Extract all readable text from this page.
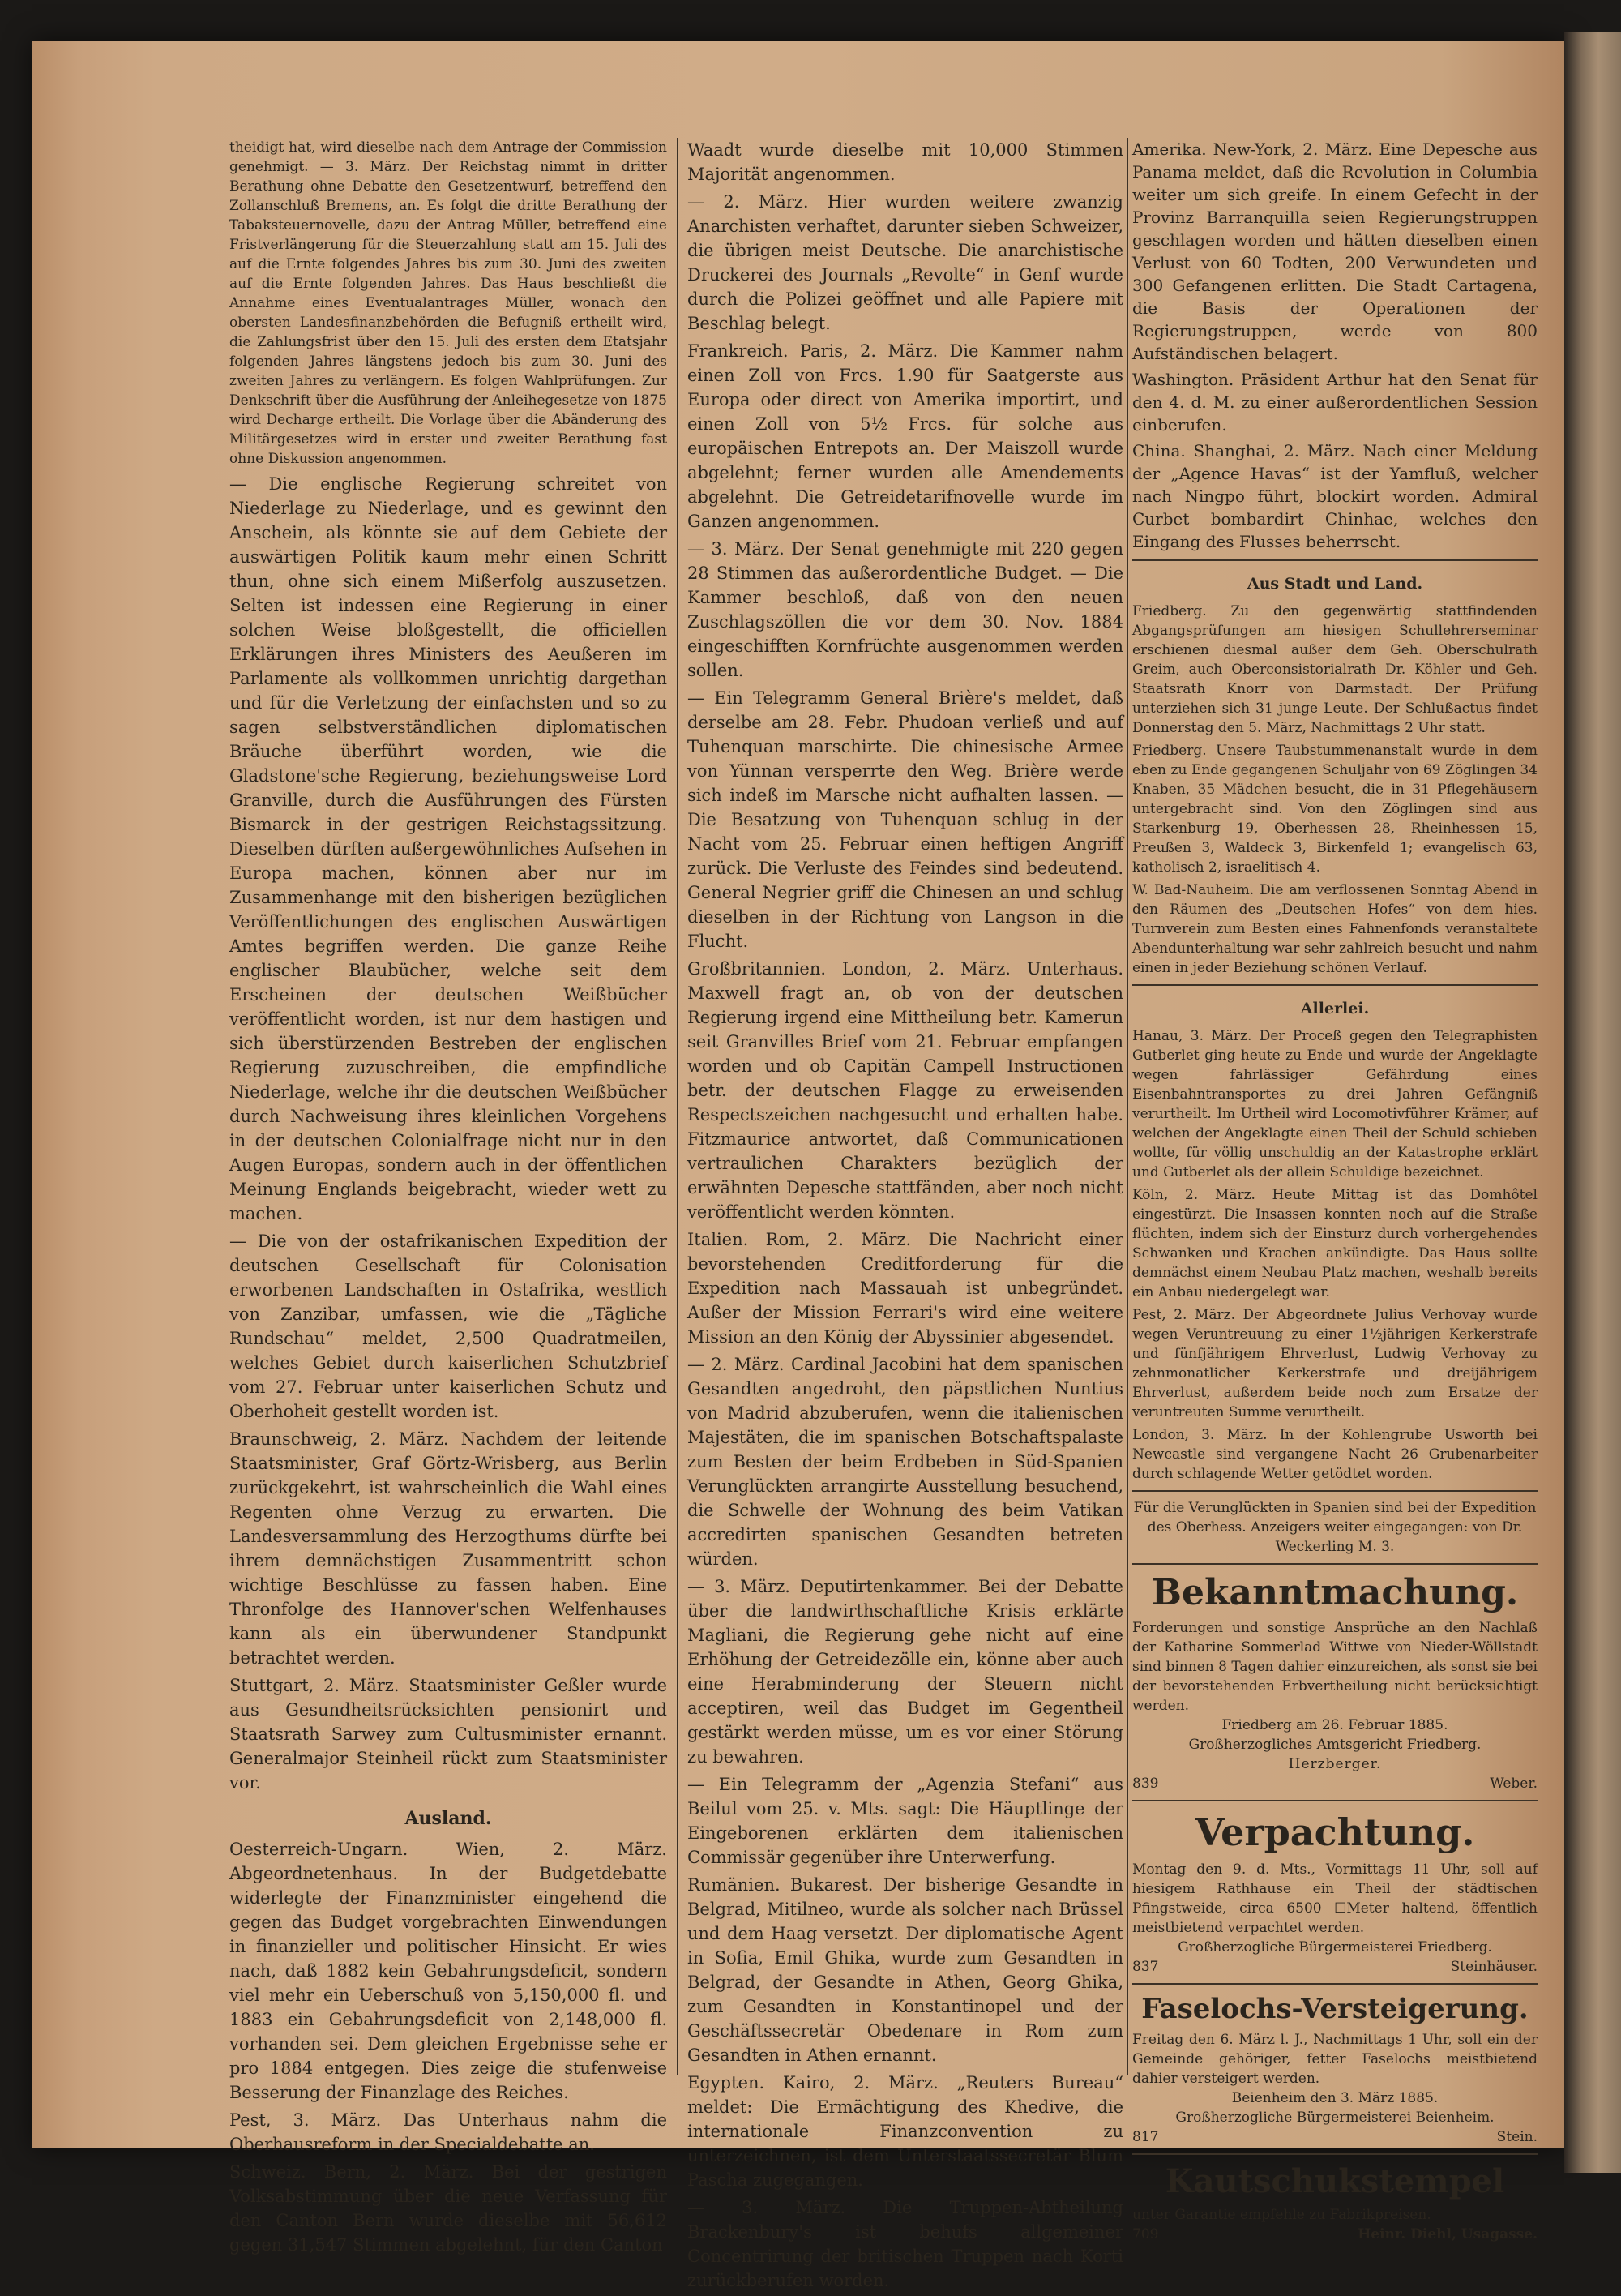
theidigt hat, wird dieselbe nach dem Antrage der Commission genehmigt. — 3. März. Der Reichstag nimmt in dritter Berathung ohne Debatte den Gesetzentwurf, betreffend den Zollanschluß Bremens, an. Es folgt die dritte Berathung der Tabaksteuernovelle, dazu der Antrag Müller, betreffend eine Fristverlängerung für die Steuerzahlung statt am 15. Juli des auf die Ernte folgendes Jahres bis zum 30. Juni des zweiten auf die Ernte folgenden Jahres. Das Haus beschließt die Annahme eines Eventualantrages Müller, wonach den obersten Landesfinanzbehörden die Befugniß ertheilt wird, die Zahlungsfrist über den 15. Juli des ersten dem Etatsjahr folgenden Jahres längstens jedoch bis zum 30. Juni des zweiten Jahres zu verlängern. Es folgen Wahlprüfungen. Zur Denkschrift über die Ausführung der Anleihegesetze von 1875 wird Decharge ertheilt. Die Vorlage über die Abänderung des Militärgesetzes wird in erster und zweiter Berathung fast ohne Diskussion angenommen.

— Die englische Regierung schreitet von Niederlage zu Niederlage, und es gewinnt den Anschein, als könnte sie auf dem Gebiete der auswärtigen Politik kaum mehr einen Schritt thun, ohne sich einem Mißerfolg auszusetzen. Selten ist indessen eine Regierung in einer solchen Weise bloßgestellt, die officiellen Erklärungen ihres Ministers des Aeußeren im Parlamente als vollkommen unrichtig dargethan und für die Verletzung der einfachsten und so zu sagen selbstverständlichen diplomatischen Bräuche überführt worden, wie die Gladstone'sche Regierung, beziehungsweise Lord Granville, durch die Ausführungen des Fürsten Bismarck in der gestrigen Reichstagssitzung. Dieselben dürften außergewöhnliches Aufsehen in Europa machen, können aber nur im Zusammenhange mit den bisherigen bezüglichen Veröffentlichungen des englischen Auswärtigen Amtes begriffen werden. Die ganze Reihe englischer Blaubücher, welche seit dem Erscheinen der deutschen Weißbücher veröffentlicht worden, ist nur dem hastigen und sich überstürzenden Bestreben der englischen Regierung zuzuschreiben, die empfindliche Niederlage, welche ihr die deutschen Weißbücher durch Nachweisung ihres kleinlichen Vorgehens in der deutschen Colonialfrage nicht nur in den Augen Europas, sondern auch in der öffentlichen Meinung Englands beigebracht, wieder wett zu machen.

— Die von der ostafrikanischen Expedition der deutschen Gesellschaft für Colonisation erworbenen Landschaften in Ostafrika, westlich von Zanzibar, umfassen, wie die „Tägliche Rundschau“ meldet, 2,500 Quadratmeilen, welches Gebiet durch kaiserlichen Schutzbrief vom 27. Februar unter kaiserlichen Schutz und Oberhoheit gestellt worden ist.

Braunschweig, 2. März. Nachdem der leitende Staatsminister, Graf Görtz-Wrisberg, aus Berlin zurückgekehrt, ist wahrscheinlich die Wahl eines Regenten ohne Verzug zu erwarten. Die Landesversammlung des Herzogthums dürfte bei ihrem demnächstigen Zusammentritt schon wichtige Beschlüsse zu fassen haben. Eine Thronfolge des Hannover'schen Welfenhauses kann als ein überwundener Standpunkt betrachtet werden.

Stuttgart, 2. März. Staatsminister Geßler wurde aus Gesundheitsrücksichten pensionirt und Staatsrath Sarwey zum Cultusminister ernannt. Generalmajor Steinheil rückt zum Staatsminister vor.

Ausland.

Oesterreich-Ungarn. Wien, 2. März. Abgeordnetenhaus. In der Budgetdebatte widerlegte der Finanzminister eingehend die gegen das Budget vorgebrachten Einwendungen in finanzieller und politischer Hinsicht. Er wies nach, daß 1882 kein Gebahrungsdeficit, sondern viel mehr ein Ueberschuß von 5,150,000 fl. und 1883 ein Gebahrungsdeficit von 2,148,000 fl. vorhanden sei. Dem gleichen Ergebnisse sehe er pro 1884 entgegen. Dies zeige die stufenweise Besserung der Finanzlage des Reiches.

Pest, 3. März. Das Unterhaus nahm die Oberhausreform in der Specialdebatte an.

Schweiz. Bern, 2. März. Bei der gestrigen Volksabstimmung über die neue Verfassung für den Canton Bern wurde dieselbe mit 56,612 gegen 31,547 Stimmen abgelehnt, für den Canton

Waadt wurde dieselbe mit 10,000 Stimmen Majorität angenommen.

— 2. März. Hier wurden weitere zwanzig Anarchisten verhaftet, darunter sieben Schweizer, die übrigen meist Deutsche. Die anarchistische Druckerei des Journals „Revolte“ in Genf wurde durch die Polizei geöffnet und alle Papiere mit Beschlag belegt.

Frankreich. Paris, 2. März. Die Kammer nahm einen Zoll von Frcs. 1.90 für Saatgerste aus Europa oder direct von Amerika importirt, und einen Zoll von 5½ Frcs. für solche aus europäischen Entrepots an. Der Maiszoll wurde abgelehnt; ferner wurden alle Amendements abgelehnt. Die Getreidetarifnovelle wurde im Ganzen angenommen.

— 3. März. Der Senat genehmigte mit 220 gegen 28 Stimmen das außerordentliche Budget. — Die Kammer beschloß, daß von den neuen Zuschlagszöllen die vor dem 30. Nov. 1884 eingeschifften Kornfrüchte ausgenommen werden sollen.

— Ein Telegramm General Brière's meldet, daß derselbe am 28. Febr. Phudoan verließ und auf Tuhenquan marschirte. Die chinesische Armee von Yünnan versperrte den Weg. Brière werde sich indeß im Marsche nicht aufhalten lassen. — Die Besatzung von Tuhenquan schlug in der Nacht vom 25. Februar einen heftigen Angriff zurück. Die Verluste des Feindes sind bedeutend. General Negrier griff die Chinesen an und schlug dieselben in der Richtung von Langson in die Flucht.

Großbritannien. London, 2. März. Unterhaus. Maxwell fragt an, ob von der deutschen Regierung irgend eine Mittheilung betr. Kamerun seit Granvilles Brief vom 21. Februar empfangen worden und ob Capitän Campell Instructionen betr. der deutschen Flagge zu erweisenden Respectszeichen nachgesucht und erhalten habe. Fitzmaurice antwortet, daß Communicationen vertraulichen Charakters bezüglich der erwähnten Depesche stattfänden, aber noch nicht veröffentlicht werden könnten.

Italien. Rom, 2. März. Die Nachricht einer bevorstehenden Creditforderung für die Expedition nach Massauah ist unbegründet. Außer der Mission Ferrari's wird eine weitere Mission an den König der Abyssinier abgesendet.

— 2. März. Cardinal Jacobini hat dem spanischen Gesandten angedroht, den päpstlichen Nuntius von Madrid abzuberufen, wenn die italienischen Majestäten, die im spanischen Botschaftspalaste zum Besten der beim Erdbeben in Süd-Spanien Verunglückten arrangirte Ausstellung besuchend, die Schwelle der Wohnung des beim Vatikan accredirten spanischen Gesandten betreten würden.

— 3. März. Deputirtenkammer. Bei der Debatte über die landwirthschaftliche Krisis erklärte Magliani, die Regierung gehe nicht auf eine Erhöhung der Getreidezölle ein, könne aber auch eine Herabminderung der Steuern nicht acceptiren, weil das Budget im Gegentheil gestärkt werden müsse, um es vor einer Störung zu bewahren.

— Ein Telegramm der „Agenzia Stefani“ aus Beilul vom 25. v. Mts. sagt: Die Häuptlinge der Eingeborenen erklärten dem italienischen Commissär gegenüber ihre Unterwerfung.

Rumänien. Bukarest. Der bisherige Gesandte in Belgrad, Mitilneo, wurde als solcher nach Brüssel und dem Haag versetzt. Der diplomatische Agent in Sofia, Emil Ghika, wurde zum Gesandten in Belgrad, der Gesandte in Athen, Georg Ghika, zum Gesandten in Konstantinopel und der Geschäftssecretär Obedenare in Rom zum Gesandten in Athen ernannt.

Egypten. Kairo, 2. März. „Reuters Bureau“ meldet: Die Ermächtigung des Khedive, die internationale Finanzconvention zu unterzeichnen, ist dem Unterstaatssecretär Blum Pascha zugegangen.

— 3. März. Die Truppen-Abtheilung Brackenbury's ist behufs allgemeiner Concentrirung der britischen Truppen nach Korti zurückberufen worden.

Amerika. New-York, 2. März. Eine Depesche aus Panama meldet, daß die Revolution in Columbia weiter um sich greife. In einem Gefecht in der Provinz Barranquilla seien Regierungstruppen geschlagen worden und hätten dieselben einen Verlust von 60 Todten, 200 Verwundeten und 300 Gefangenen erlitten. Die Stadt Cartagena, die Basis der Operationen der Regierungstruppen, werde von 800 Aufständischen belagert.

Washington. Präsident Arthur hat den Senat für den 4. d. M. zu einer außerordentlichen Session einberufen.

China. Shanghai, 2. März. Nach einer Meldung der „Agence Havas“ ist der Yamfluß, welcher nach Ningpo führt, blockirt worden. Admiral Curbet bombardirt Chinhae, welches den Eingang des Flusses beherrscht.

Aus Stadt und Land.

Friedberg. Zu den gegenwärtig stattfindenden Abgangsprüfungen am hiesigen Schullehrerseminar erschienen diesmal außer dem Geh. Oberschulrath Greim, auch Oberconsistorialrath Dr. Köhler und Geh. Staatsrath Knorr von Darmstadt. Der Prüfung unterziehen sich 31 junge Leute. Der Schlußactus findet Donnerstag den 5. März, Nachmittags 2 Uhr statt.

Friedberg. Unsere Taubstummenanstalt wurde in dem eben zu Ende gegangenen Schuljahr von 69 Zöglingen 34 Knaben, 35 Mädchen besucht, die in 31 Pflegehäusern untergebracht sind. Von den Zöglingen sind aus Starkenburg 19, Oberhessen 28, Rheinhessen 15, Preußen 3, Waldeck 3, Birkenfeld 1; evangelisch 63, katholisch 2, israelitisch 4.

W. Bad-Nauheim. Die am verflossenen Sonntag Abend in den Räumen des „Deutschen Hofes“ von dem hies. Turnverein zum Besten eines Fahnenfonds veranstaltete Abendunterhaltung war sehr zahlreich besucht und nahm einen in jeder Beziehung schönen Verlauf.

Allerlei.

Hanau, 3. März. Der Proceß gegen den Telegraphisten Gutberlet ging heute zu Ende und wurde der Angeklagte wegen fahrlässiger Gefährdung eines Eisenbahntransportes zu drei Jahren Gefängniß verurtheilt. Im Urtheil wird Locomotivführer Krämer, auf welchen der Angeklagte einen Theil der Schuld schieben wollte, für völlig unschuldig an der Katastrophe erklärt und Gutberlet als der allein Schuldige bezeichnet.

Köln, 2. März. Heute Mittag ist das Domhôtel eingestürzt. Die Insassen konnten noch auf die Straße flüchten, indem sich der Einsturz durch vorhergehendes Schwanken und Krachen ankündigte. Das Haus sollte demnächst einem Neubau Platz machen, weshalb bereits ein Anbau niedergelegt war.

Pest, 2. März. Der Abgeordnete Julius Verhovay wurde wegen Veruntreuung zu einer 1½jährigen Kerkerstrafe und fünfjährigem Ehrverlust, Ludwig Verhovay zu zehnmonatlicher Kerkerstrafe und dreijährigem Ehrverlust, außerdem beide noch zum Ersatze der veruntreuten Summe verurtheilt.

London, 3. März. In der Kohlengrube Usworth bei Newcastle sind vergangene Nacht 26 Grubenarbeiter durch schlagende Wetter getödtet worden.

Für die Verunglückten in Spanien sind bei der Expedition des Oberhess. Anzeigers weiter eingegangen: von Dr. Weckerling M. 3.

Bekanntmachung.
Forderungen und sonstige Ansprüche an den Nachlaß der Katharine Sommerlad Wittwe von Nieder-Wöllstadt sind binnen 8 Tagen dahier einzureichen, als sonst sie bei der bevorstehenden Erbvertheilung nicht berücksichtigt werden.
Friedberg am 26. Februar 1885.
Großherzogliches Amtsgericht Friedberg.
Herzberger.
839	Weber.
Verpachtung.
Montag den 9. d. Mts., Vormittags 11 Uhr, soll auf hiesigem Rathhause ein Theil der städtischen Pfingstweide, circa 6500 ☐Meter haltend, öffentlich meistbietend verpachtet werden.
Großherzogliche Bürgermeisterei Friedberg.
837	Steinhäuser.
Faselochs-Versteigerung.
Freitag den 6. März l. J., Nachmittags 1 Uhr, soll ein der Gemeinde gehöriger, fetter Faselochs meistbietend dahier versteigert werden.
Beienheim den 3. März 1885.
Großherzogliche Bürgermeisterei Beienheim.
817	Stein.
Kautschukstempel
unter Garantie empfehle zu Fabrikpreisen.
709	Heinr. Diehl, Usagasse.
